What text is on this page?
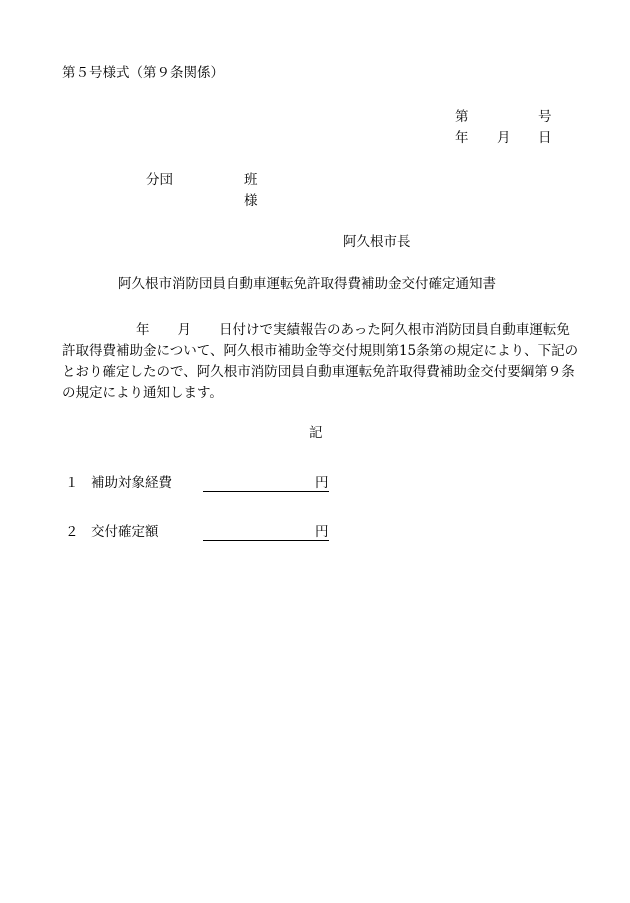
第５号様式（第９条関係）
第	号
年 月 日
分団	班
様
阿久根市長
阿久根市消防団員自動車運転免許取得費補助金交付確定通知書
年 月 日付けで実績報告のあった阿久根市消防団員自動車運転免許取得費補助金について、阿久根市補助金等交付規則第15条第の規定により、下記のとおり確定したので、阿久根市消防団員自動車運転免許取得費補助金交付要綱第９条の規定により通知します。
記
１ 補助対象経費	円
２ 交付確定額	円
